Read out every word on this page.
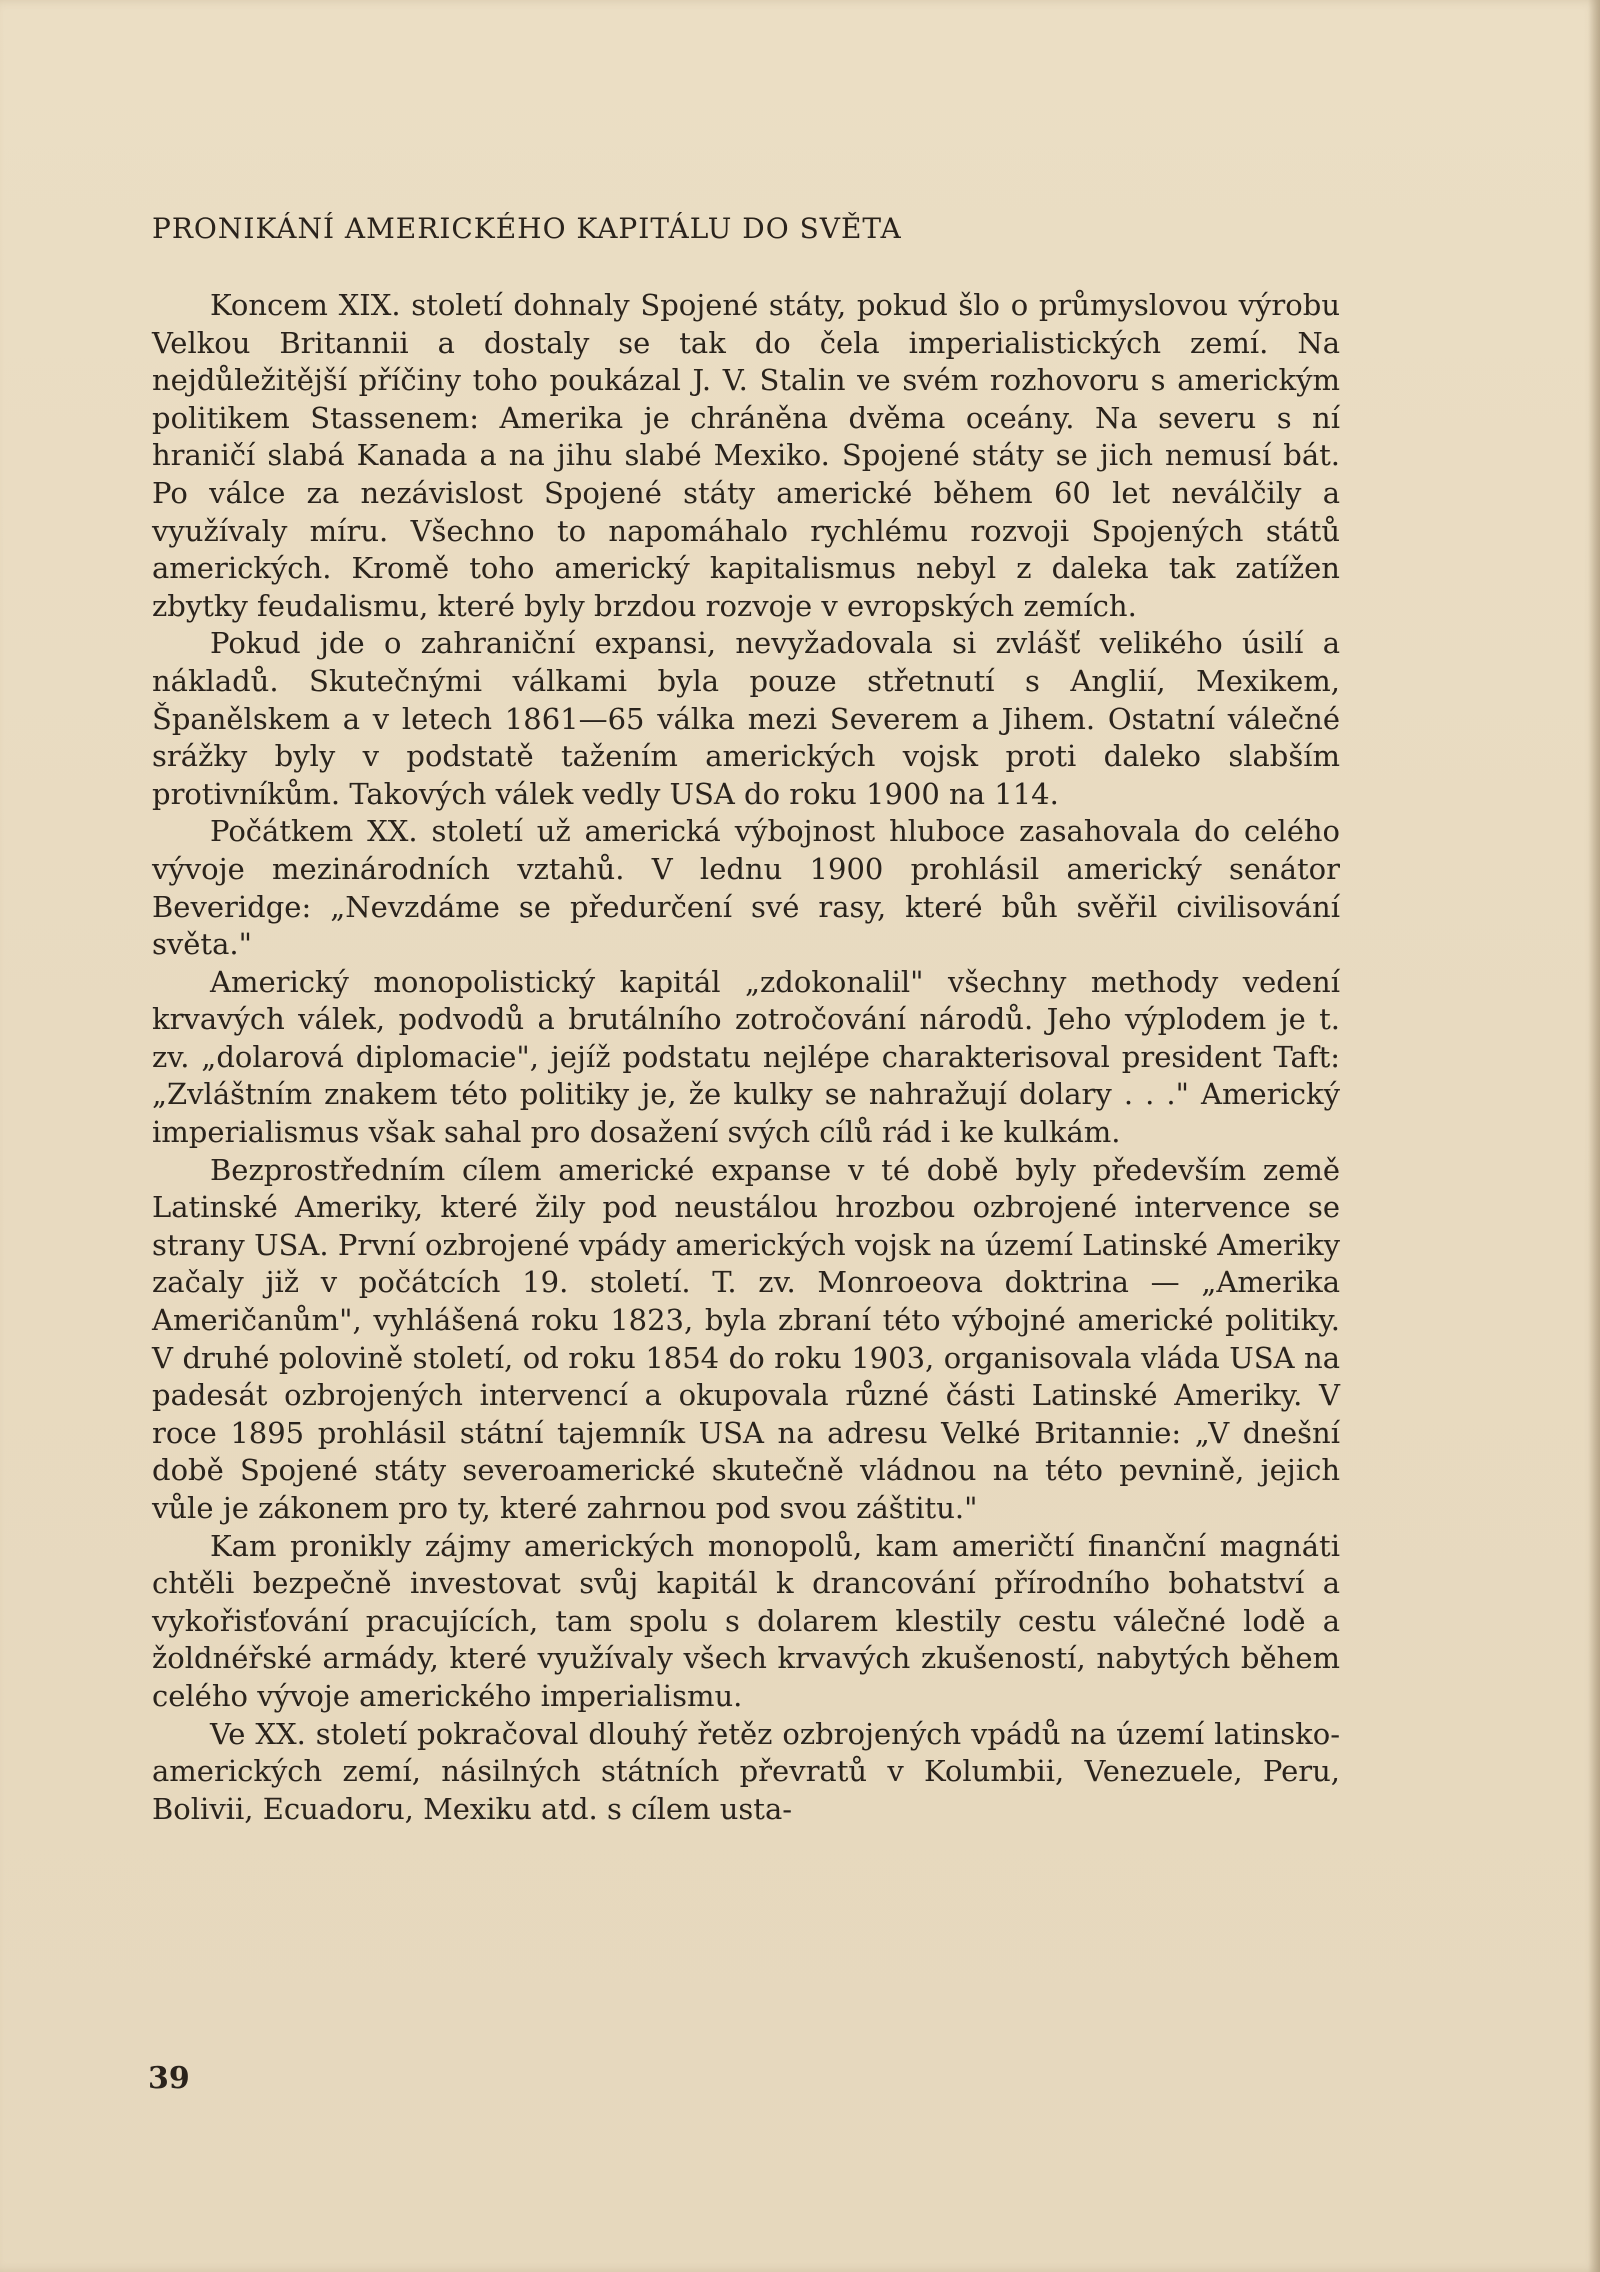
PRONIKÁNÍ AMERICKÉHO KAPITÁLU DO SVĚTA

Koncem XIX. století dohnaly Spojené státy, pokud šlo o průmyslovou výrobu Velkou Britannii a dostaly se tak do čela imperialistických zemí. Na nejdůležitější příčiny toho poukázal J. V. Stalin ve svém rozhovoru s americkým politikem Stassenem: Amerika je chráněna dvěma oceány. Na severu s ní hraničí slabá Kanada a na jihu slabé Mexiko. Spojené státy se jich nemusí bát. Po válce za nezávislost Spojené státy americké během 60 let neválčily a využívaly míru. Všechno to napomáhalo rychlému rozvoji Spojených států amerických. Kromě toho americký kapitalismus nebyl z daleka tak zatížen zbytky feudalismu, které byly brzdou rozvoje v evropských zemích.

Pokud jde o zahraniční expansi, nevyžadovala si zvlášť velikého úsilí a nákladů. Skutečnými válkami byla pouze střetnutí s Anglií, Mexikem, Španělskem a v letech 1861—65 válka mezi Severem a Jihem. Ostatní válečné srážky byly v podstatě tažením amerických vojsk proti daleko slabším protivníkům. Takových válek vedly USA do roku 1900 na 114.

Počátkem XX. století už americká výbojnost hluboce zasahovala do celého vývoje mezinárodních vztahů. V lednu 1900 prohlásil americký senátor Beveridge: „Nevzdáme se předurčení své rasy, které bůh svěřil civilisování světa."

Americký monopolistický kapitál „zdokonalil" všechny methody vedení krvavých válek, podvodů a brutálního zotročování národů. Jeho výplodem je t. zv. „dolarová diplomacie", jejíž podstatu nejlépe charakterisoval president Taft: „Zvláštním znakem této politiky je, že kulky se nahražují dolary . . ." Americký imperialismus však sahal pro dosažení svých cílů rád i ke kulkám.

Bezprostředním cílem americké expanse v té době byly především země Latinské Ameriky, které žily pod neustálou hrozbou ozbrojené intervence se strany USA. První ozbrojené vpády amerických vojsk na území Latinské Ameriky začaly již v počátcích 19. století. T. zv. Monroeova doktrina — „Amerika Američanům", vyhlášená roku 1823, byla zbraní této výbojné americké politiky. V druhé polovině století, od roku 1854 do roku 1903, organisovala vláda USA na padesát ozbrojených intervencí a okupovala různé části Latinské Ameriky. V roce 1895 prohlásil státní tajemník USA na adresu Velké Britannie: „V dnešní době Spojené státy severoamerické skutečně vládnou na této pevnině, jejich vůle je zákonem pro ty, které zahrnou pod svou záštitu."

Kam pronikly zájmy amerických monopolů, kam američtí finanční magnáti chtěli bezpečně investovat svůj kapitál k drancování přírodního bohatství a vykořisťování pracujících, tam spolu s dolarem klestily cestu válečné lodě a žoldnéřské armády, které využívaly všech krvavých zkušeností, nabytých během celého vývoje amerického imperialismu.

Ve XX. století pokračoval dlouhý řetěz ozbrojených vpádů na území latinsko-amerických zemí, násilných státních převratů v Kolumbii, Venezuele, Peru, Bolivii, Ecuadoru, Mexiku atd. s cílem usta-

39
